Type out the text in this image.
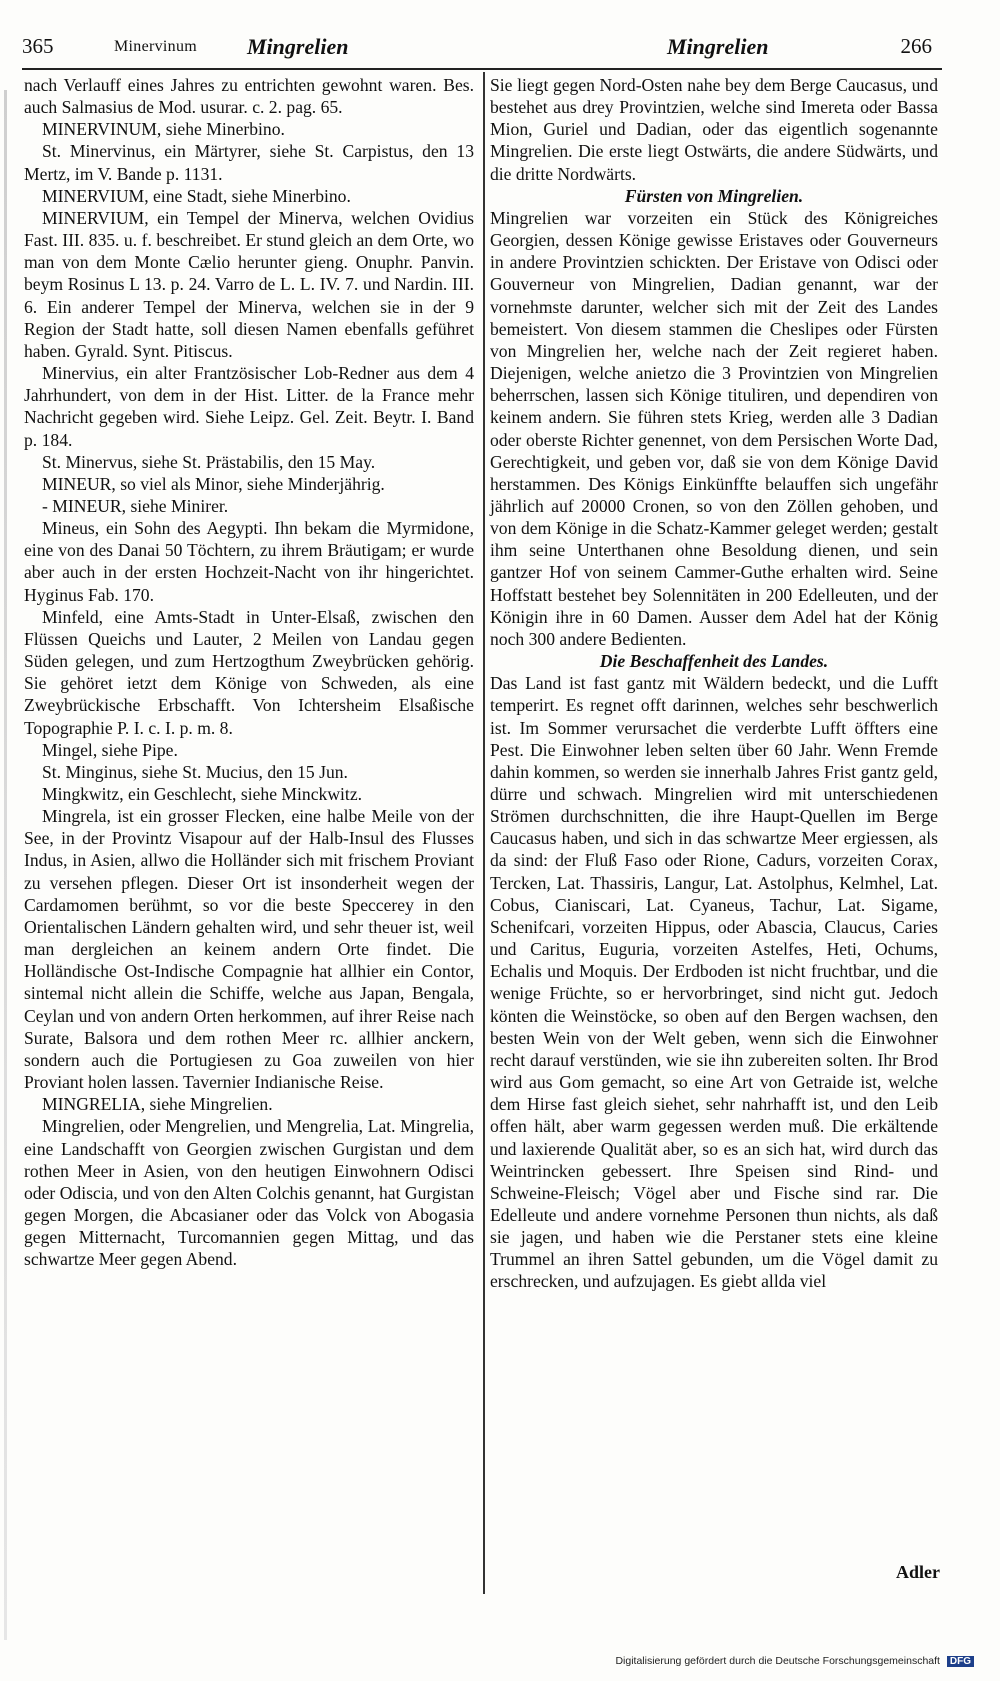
365	Minervinum Mingrelien	Mingrelien	266

nach Verlauff eines Jahres zu entrichten gewohnt waren. Bes. auch Salmasius de Mod. usurar. c. 2. pag. 65.

MINERVINUM, siehe Minerbino.

St. Minervinus, ein Märtyrer, siehe St. Carpistus, den 13 Mertz, im V. Bande p. 1131.

MINERVIUM, eine Stadt, siehe Minerbino.

MINERVIUM, ein Tempel der Minerva, welchen Ovidius Fast. III. 835. u. f. beschreibet. Er stund gleich an dem Orte, wo man von dem Monte Cælio herunter gieng. Onuphr. Panvin. beym Rosinus L 13. p. 24. Varro de L. L. IV. 7. und Nardin. III. 6. Ein anderer Tempel der Minerva, welchen sie in der 9 Region der Stadt hatte, soll diesen Namen ebenfalls geführet haben. Gyrald. Synt. Pitiscus.

Minervius, ein alter Frantzösischer Lob-Redner aus dem 4 Jahrhundert, von dem in der Hist. Litter. de la France mehr Nachricht gegeben wird. Siehe Leipz. Gel. Zeit. Beytr. I. Band p. 184.

St. Minervus, siehe St. Prästabilis, den 15 May.

MINEUR, so viel als Minor, siehe Minderjährig.

- MINEUR, siehe Minirer.

Mineus, ein Sohn des Aegypti. Ihn bekam die Myrmidone, eine von des Danai 50 Töchtern, zu ihrem Bräutigam; er wurde aber auch in der ersten Hochzeit-Nacht von ihr hingerichtet. Hyginus Fab. 170.

Minfeld, eine Amts-Stadt in Unter-Elsaß, zwischen den Flüssen Queichs und Lauter, 2 Meilen von Landau gegen Süden gelegen, und zum Hertzogthum Zweybrücken gehörig. Sie gehöret ietzt dem Könige von Schweden, als eine Zweybrückische Erbschafft. Von Ichtersheim Elsaßische Topographie P. I. c. I. p. m. 8.

Mingel, siehe Pipe.

St. Minginus, siehe St. Mucius, den 15 Jun.

Mingkwitz, ein Geschlecht, siehe Minckwitz.

Mingrela, ist ein grosser Flecken, eine halbe Meile von der See, in der Provintz Visapour auf der Halb-Insul des Flusses Indus, in Asien, allwo die Holländer sich mit frischem Proviant zu versehen pflegen. Dieser Ort ist insonderheit wegen der Cardamomen berühmt, so vor die beste Speccerey in den Orientalischen Ländern gehalten wird, und sehr theuer ist, weil man dergleichen an keinem andern Orte findet. Die Holländische Ost-Indische Compagnie hat allhier ein Contor, sintemal nicht allein die Schiffe, welche aus Japan, Bengala, Ceylan und von andern Orten herkommen, auf ihrer Reise nach Surate, Balsora und dem rothen Meer rc. allhier anckern, sondern auch die Portugiesen zu Goa zuweilen von hier Proviant holen lassen. Tavernier Indianische Reise.

MINGRELIA, siehe Mingrelien.

Mingrelien, oder Mengrelien, und Mengrelia, Lat. Mingrelia, eine Landschafft von Georgien zwischen Gurgistan und dem rothen Meer in Asien, von den heutigen Einwohnern Odisci oder Odiscia, und von den Alten Colchis genannt, hat Gurgistan gegen Morgen, die Abcasianer oder das Volck von Abogasia gegen Mitternacht, Turcomannien gegen Mittag, und das schwartze Meer gegen Abend.

Sie liegt gegen Nord-Osten nahe bey dem Berge Caucasus, und bestehet aus drey Provintzien, welche sind Imereta oder Bassa Mion, Guriel und Dadian, oder das eigentlich sogenannte Mingrelien. Die erste liegt Ostwärts, die andere Südwärts, und die dritte Nordwärts.

Fürsten von Mingrelien.

Mingrelien war vorzeiten ein Stück des Königreiches Georgien, dessen Könige gewisse Eristaves oder Gouverneurs in andere Provintzien schickten. Der Eristave von Odisci oder Gouverneur von Mingrelien, Dadian genannt, war der vornehmste darunter, welcher sich mit der Zeit des Landes bemeistert. Von diesem stammen die Cheslipes oder Fürsten von Mingrelien her, welche nach der Zeit regieret haben. Diejenigen, welche anietzo die 3 Provintzien von Mingrelien beherrschen, lassen sich Könige tituliren, und dependiren von keinem andern. Sie führen stets Krieg, werden alle 3 Dadian oder oberste Richter genennet, von dem Persischen Worte Dad, Gerechtigkeit, und geben vor, daß sie von dem Könige David herstammen. Des Königs Einkünffte belauffen sich ungefähr jährlich auf 20000 Cronen, so von den Zöllen gehoben, und von dem Könige in die Schatz-Kammer geleget werden; gestalt ihm seine Unterthanen ohne Besoldung dienen, und sein gantzer Hof von seinem Cammer-Guthe erhalten wird. Seine Hoffstatt bestehet bey Solennitäten in 200 Edelleuten, und der Königin ihre in 60 Damen. Ausser dem Adel hat der König noch 300 andere Bedienten.

Die Beschaffenheit des Landes.

Das Land ist fast gantz mit Wäldern bedeckt, und die Lufft temperirt. Es regnet offt darinnen, welches sehr beschwerlich ist. Im Sommer verursachet die verderbte Lufft öffters eine Pest. Die Einwohner leben selten über 60 Jahr. Wenn Fremde dahin kommen, so werden sie innerhalb Jahres Frist gantz geld, dürre und schwach. Mingrelien wird mit unterschiedenen Strömen durchschnitten, die ihre Haupt-Quellen im Berge Caucasus haben, und sich in das schwartze Meer ergiessen, als da sind: der Fluß Faso oder Rione, Cadurs, vorzeiten Corax, Tercken, Lat. Thassiris, Langur, Lat. Astolphus, Kelmhel, Lat. Cobus, Cianiscari, Lat. Cyaneus, Tachur, Lat. Sigame, Schenifcari, vorzeiten Hippus, oder Abascia, Claucus, Caries und Caritus, Euguria, vorzeiten Astelfes, Heti, Ochums, Echalis und Moquis. Der Erdboden ist nicht fruchtbar, und die wenige Früchte, so er hervorbringet, sind nicht gut. Jedoch könten die Weinstöcke, so oben auf den Bergen wachsen, den besten Wein von der Welt geben, wenn sich die Einwohner recht darauf verstünden, wie sie ihn zubereiten solten. Ihr Brod wird aus Gom gemacht, so eine Art von Getraide ist, welche dem Hirse fast gleich siehet, sehr nahrhafft ist, und den Leib offen hält, aber warm gegessen werden muß. Die erkältende und laxierende Qualität aber, so es an sich hat, wird durch das Weintrincken gebessert. Ihre Speisen sind Rind- und Schweine-Fleisch; Vögel aber und Fische sind rar. Die Edelleute und andere vornehme Personen thun nichts, als daß sie jagen, und haben wie die Perstaner stets eine kleine Trummel an ihren Sattel gebunden, um die Vögel damit zu erschrecken, und aufzujagen. Es giebt allda viel

Adler
Digitalisierung gefördert durch die Deutsche Forschungsgemeinschaft DFG
